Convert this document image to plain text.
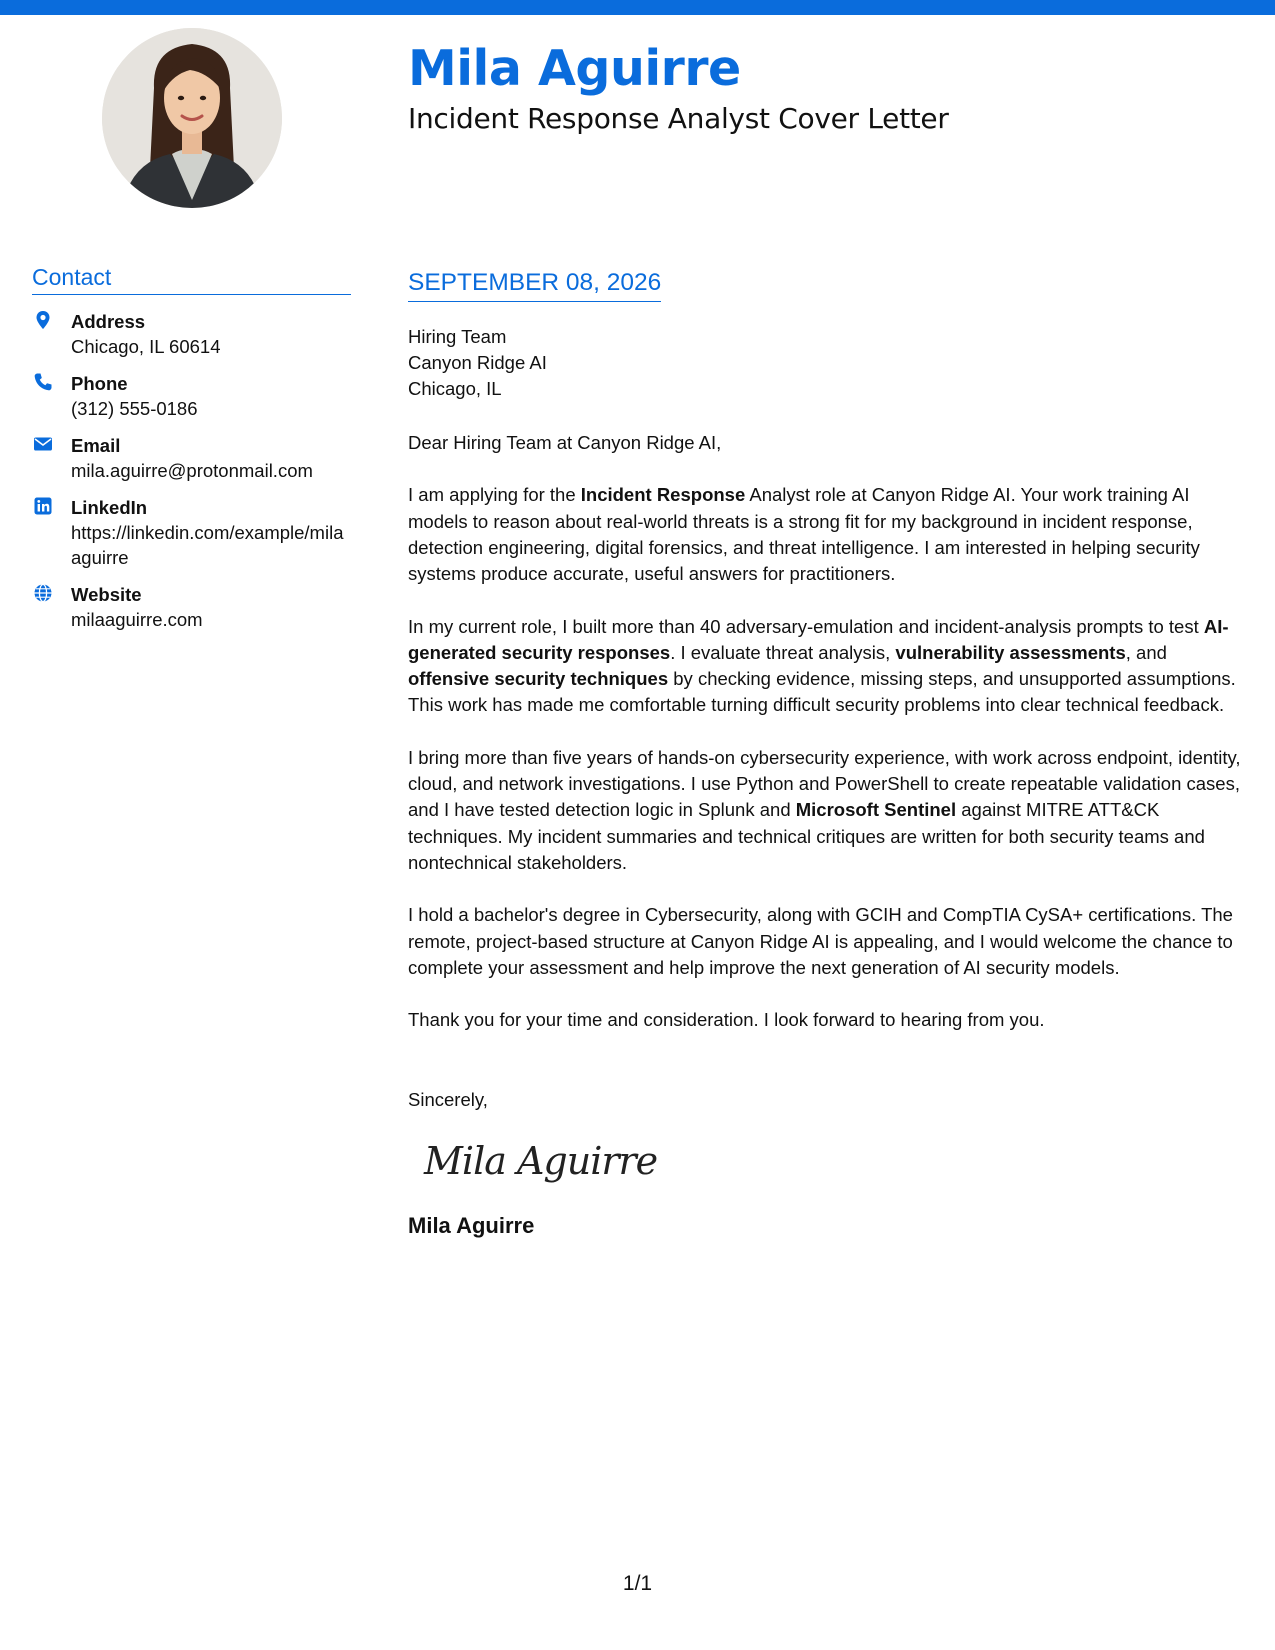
Mila Aguirre
Incident Response Analyst Cover Letter
Contact
Address
Chicago, IL 60614
Phone
(312) 555-0186
Email
mila.aguirre@protonmail.com
LinkedIn
https://linkedin.com/example/milaaguirre
Website
milaaguirre.com
SEPTEMBER 08, 2026
Hiring Team
Canyon Ridge AI
Chicago, IL

Dear Hiring Team at Canyon Ridge AI,

I am applying for the Incident Response Analyst role at Canyon Ridge AI. Your work training AI models to reason about real-world threats is a strong fit for my background in incident response, detection engineering, digital forensics, and threat intelligence. I am interested in helping security systems produce accurate, useful answers for practitioners.

In my current role, I built more than 40 adversary-emulation and incident-analysis prompts to test AI-generated security responses. I evaluate threat analysis, vulnerability assessments, and offensive security techniques by checking evidence, missing steps, and unsupported assumptions. This work has made me comfortable turning difficult security problems into clear technical feedback.

I bring more than five years of hands-on cybersecurity experience, with work across endpoint, identity, cloud, and network investigations. I use Python and PowerShell to create repeatable validation cases, and I have tested detection logic in Splunk and Microsoft Sentinel against MITRE ATT&CK techniques. My incident summaries and technical critiques are written for both security teams and nontechnical stakeholders.

I hold a bachelor's degree in Cybersecurity, along with GCIH and CompTIA CySA+ certifications. The remote, project-based structure at Canyon Ridge AI is appealing, and I would welcome the chance to complete your assessment and help improve the next generation of AI security models.

Thank you for your time and consideration. I look forward to hearing from you.

Sincerely,

Mila Aguirre
Mila Aguirre
1/1
